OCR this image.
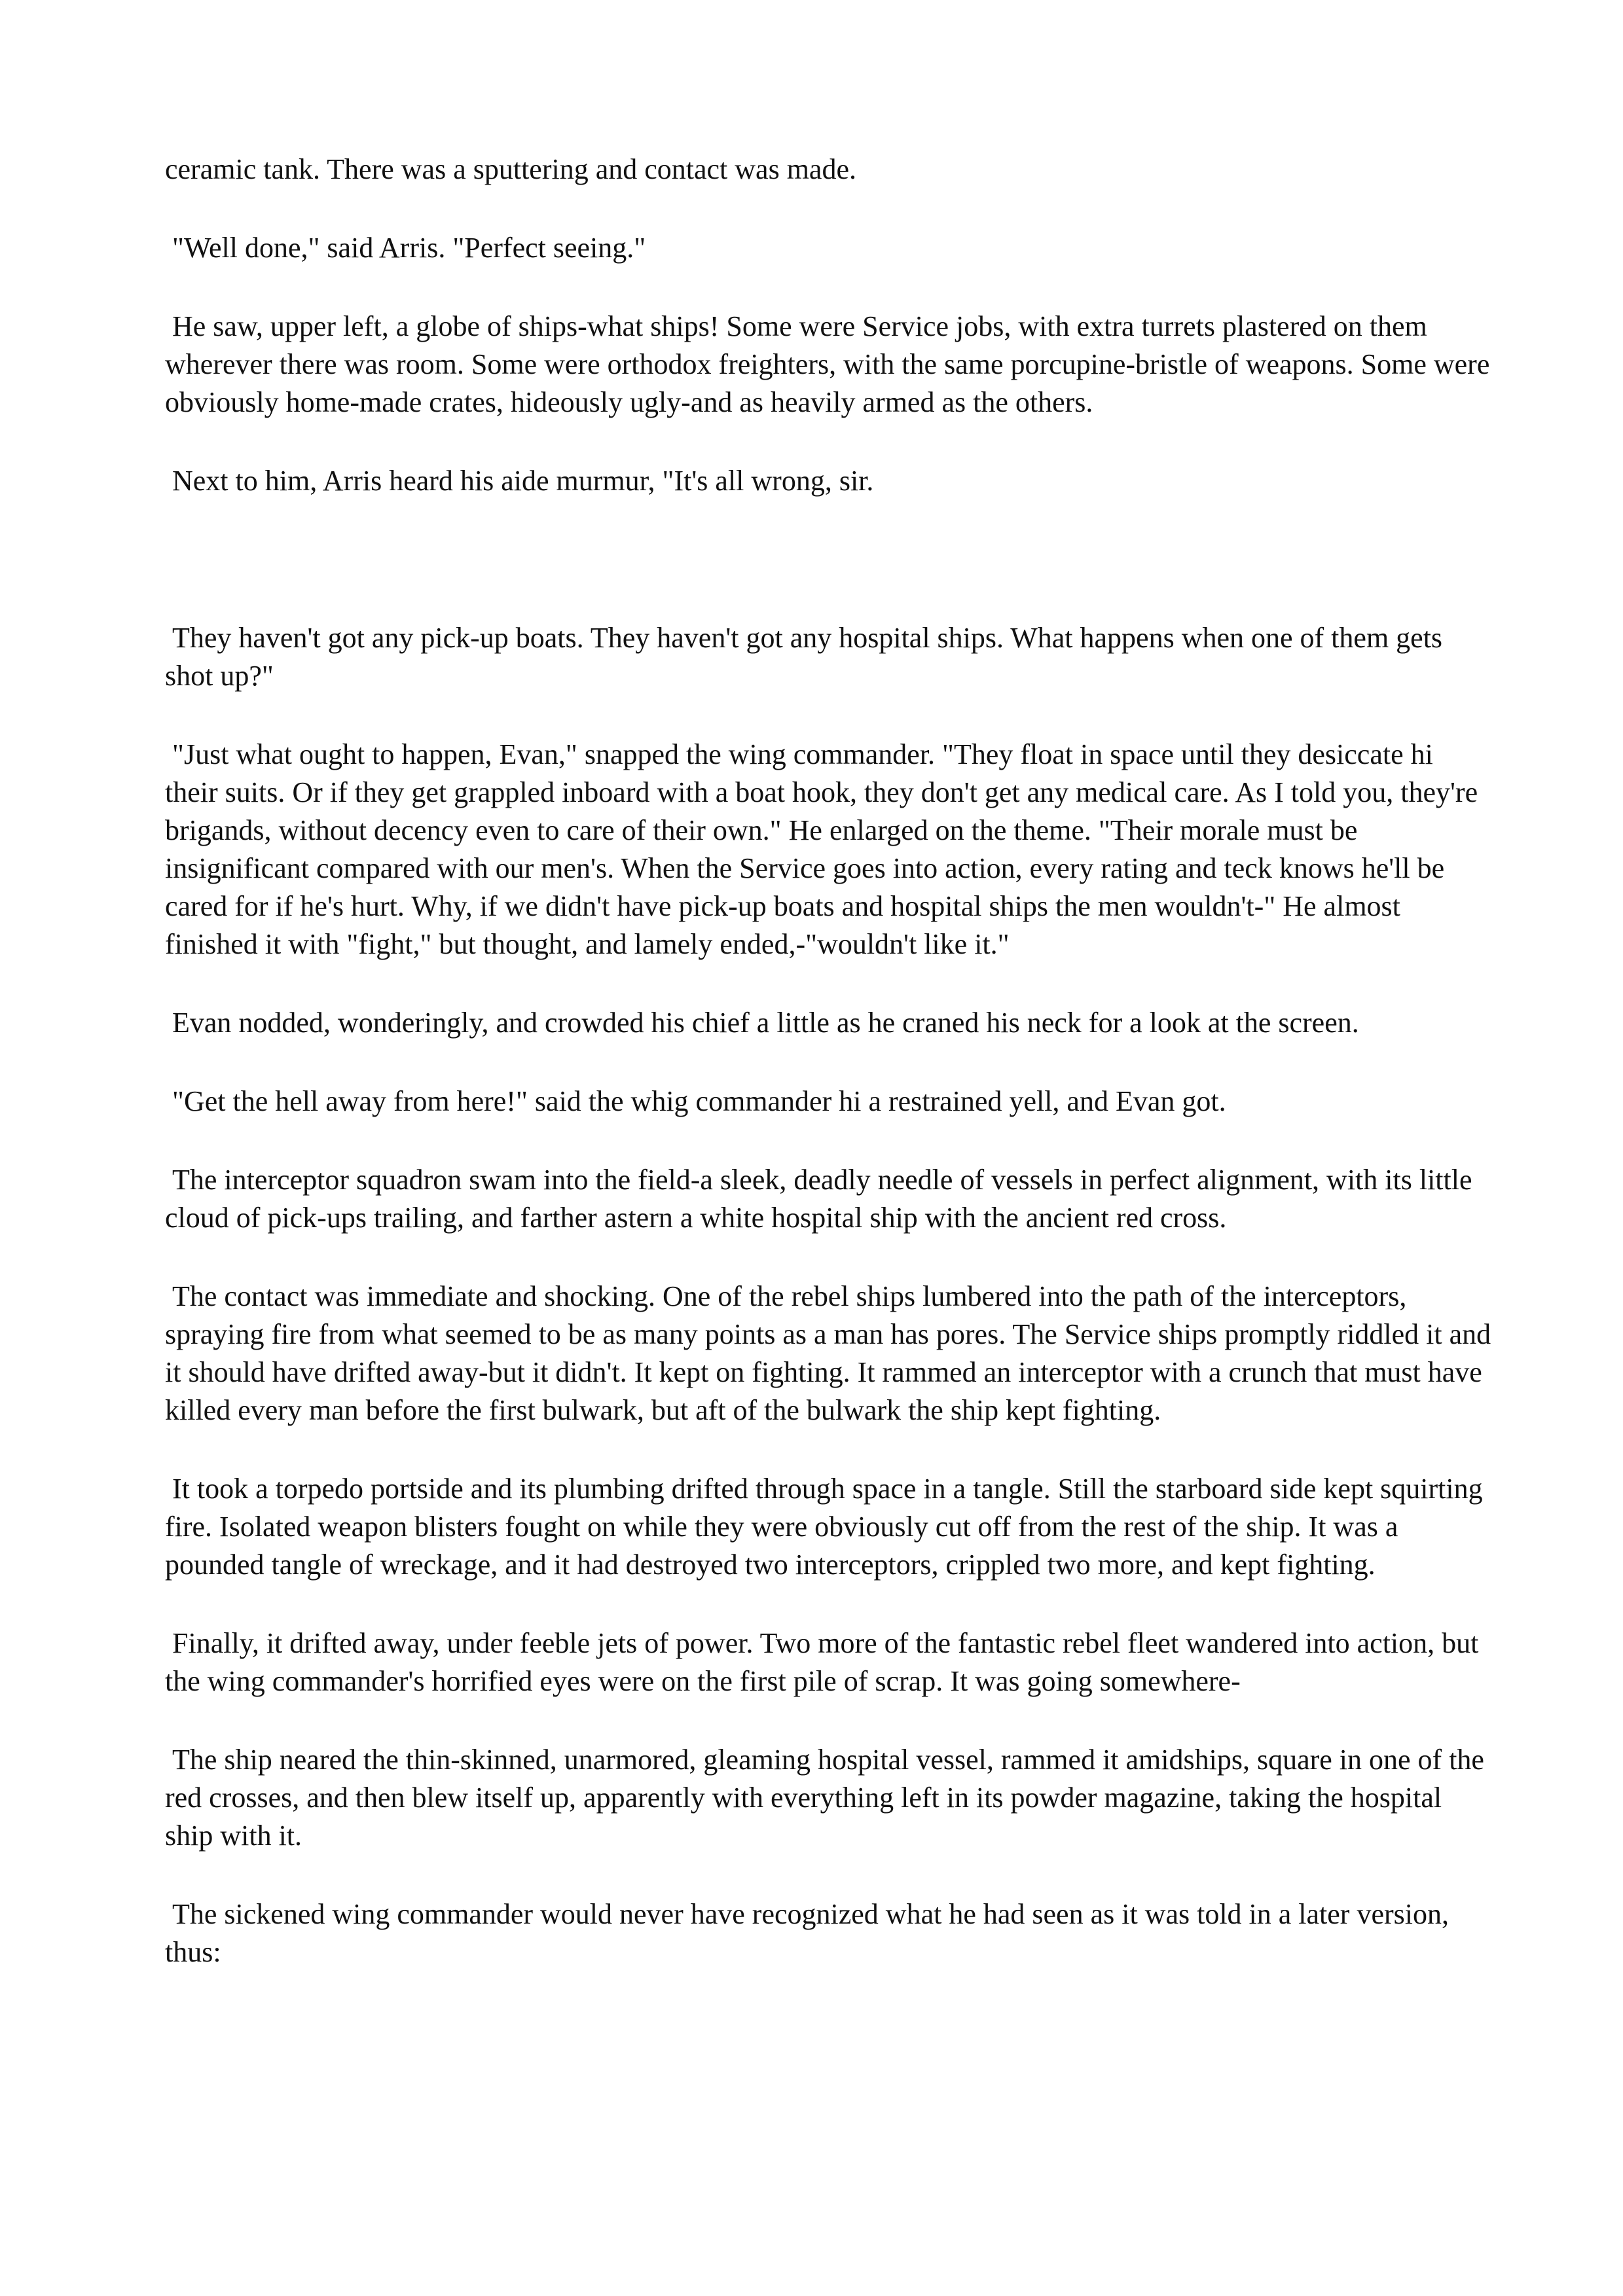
ceramic tank. There was a sputtering and contact was made.

"Well done," said Arris. "Perfect seeing."

He saw, upper left, a globe of ships-what ships! Some were Service jobs, with extra turrets plastered on them wherever there was room. Some were orthodox freighters, with the same porcupine-bristle of weapons. Some were obviously home-made crates, hideously ugly-and as heavily armed as the others.

Next to him, Arris heard his aide murmur, "It's all wrong, sir.

They haven't got any pick-up boats. They haven't got any hospital ships. What happens when one of them gets shot up?"

"Just what ought to happen, Evan," snapped the wing commander. "They float in space until they desiccate hi their suits. Or if they get grappled inboard with a boat hook, they don't get any medical care. As I told you, they're brigands, without decency even to care of their own." He enlarged on the theme. "Their morale must be insignificant compared with our men's. When the Service goes into action, every rating and teck knows he'll be cared for if he's hurt. Why, if we didn't have pick-up boats and hospital ships the men wouldn't-" He almost finished it with "fight," but thought, and lamely ended,-"wouldn't like it."

Evan nodded, wonderingly, and crowded his chief a little as he craned his neck for a look at the screen.

"Get the hell away from here!" said the whig commander hi a restrained yell, and Evan got.

The interceptor squadron swam into the field-a sleek, deadly needle of vessels in perfect alignment, with its little cloud of pick-ups trailing, and farther astern a white hospital ship with the ancient red cross.

The contact was immediate and shocking. One of the rebel ships lumbered into the path of the interceptors, spraying fire from what seemed to be as many points as a man has pores. The Service ships promptly riddled it and it should have drifted away-but it didn't. It kept on fighting. It rammed an interceptor with a crunch that must have killed every man before the first bulwark, but aft of the bulwark the ship kept fighting.

It took a torpedo portside and its plumbing drifted through space in a tangle. Still the starboard side kept squirting fire. Isolated weapon blisters fought on while they were obviously cut off from the rest of the ship. It was a pounded tangle of wreckage, and it had destroyed two interceptors, crippled two more, and kept fighting.

Finally, it drifted away, under feeble jets of power. Two more of the fantastic rebel fleet wandered into action, but the wing commander's horrified eyes were on the first pile of scrap. It was going somewhere-

The ship neared the thin-skinned, unarmored, gleaming hospital vessel, rammed it amidships, square in one of the red crosses, and then blew itself up, apparently with everything left in its powder magazine, taking the hospital ship with it.

The sickened wing commander would never have recognized what he had seen as it was told in a later version, thus:
